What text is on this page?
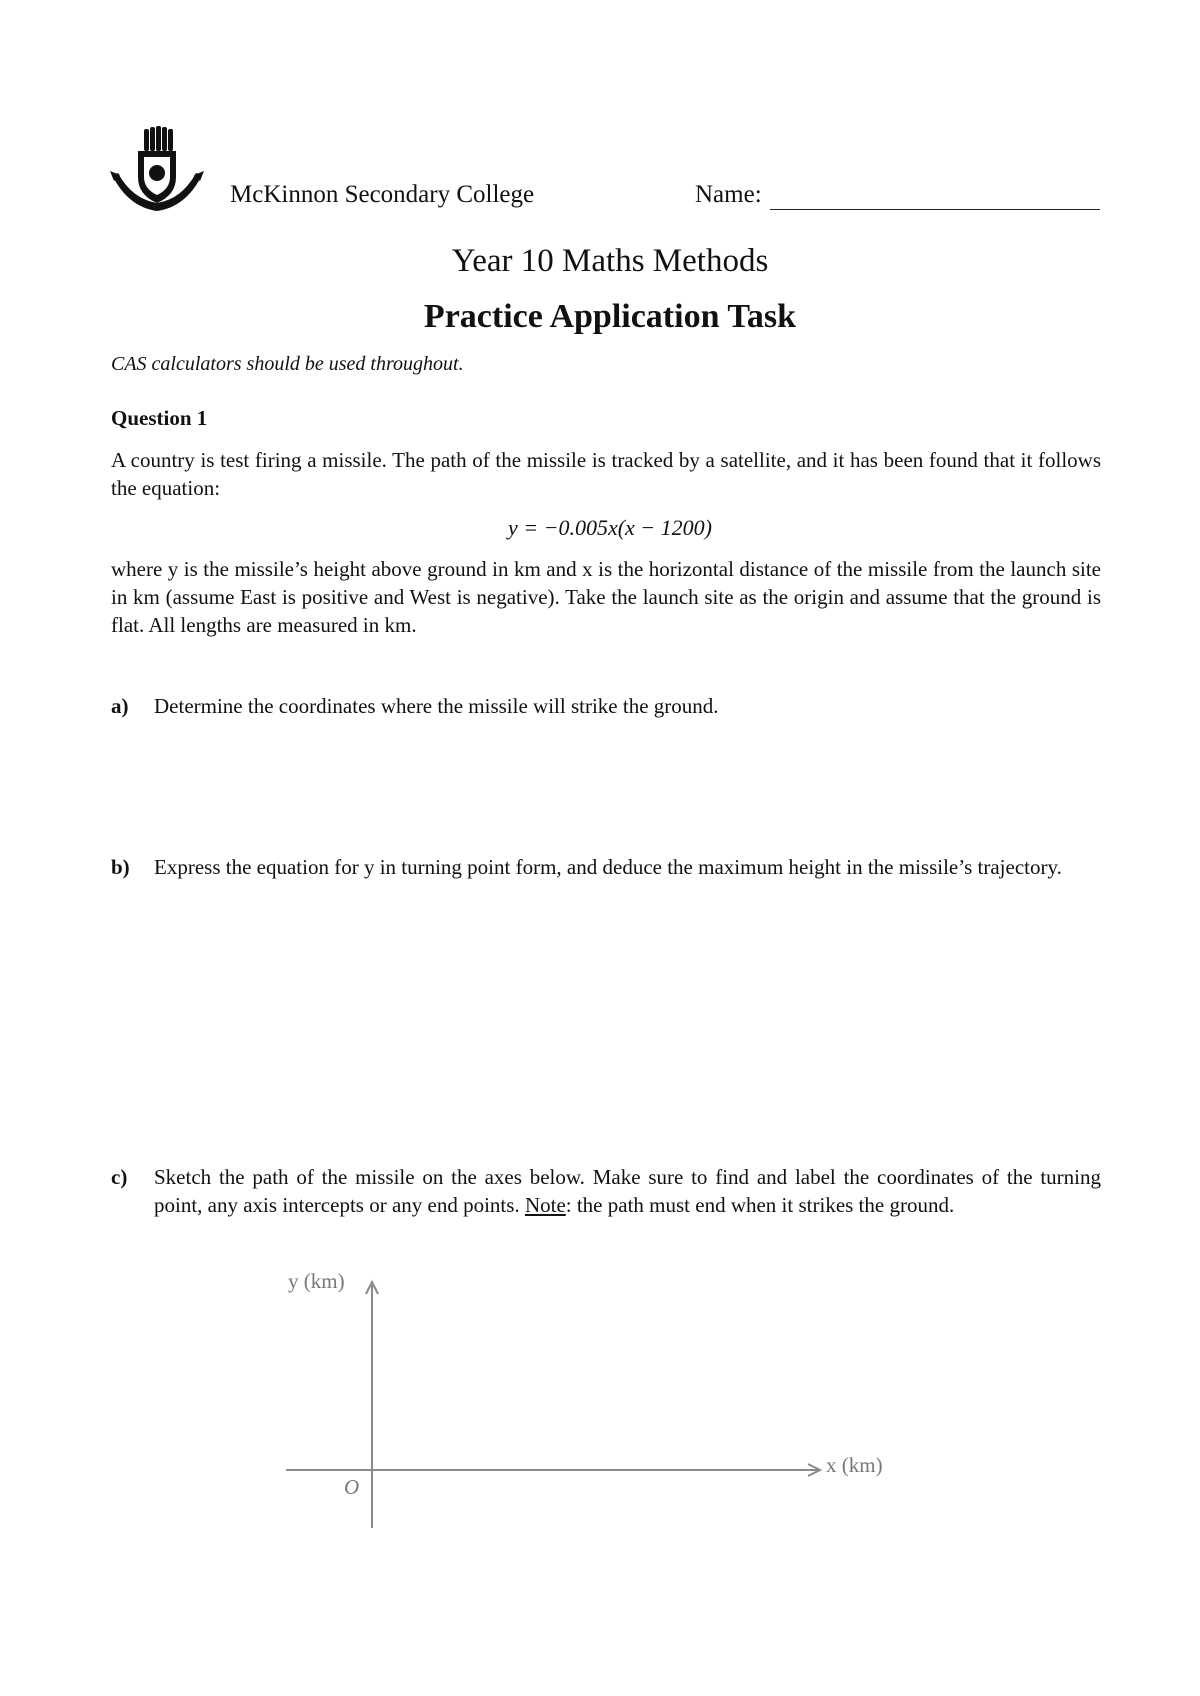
McKinnon Secondary College	Name:
Year 10 Maths Methods
Practice Application Task
CAS calculators should be used throughout.
Question 1
A country is test firing a missile. The path of the missile is tracked by a satellite, and it has been found that it follows the equation:
y = −0.005x(x − 1200)
where y is the missile’s height above ground in km and x is the horizontal distance of the missile from the launch site in km (assume East is positive and West is negative). Take the launch site as the origin and assume that the ground is flat. All lengths are measured in km.
a) Determine the coordinates where the missile will strike the ground.
b) Express the equation for y in turning point form, and deduce the maximum height in the missile’s trajectory.
c) Sketch the path of the missile on the axes below. Make sure to find and label the coordinates of the turning point, any axis intercepts or any end points. Note: the path must end when it strikes the ground.
y (km)
x (km)
O
